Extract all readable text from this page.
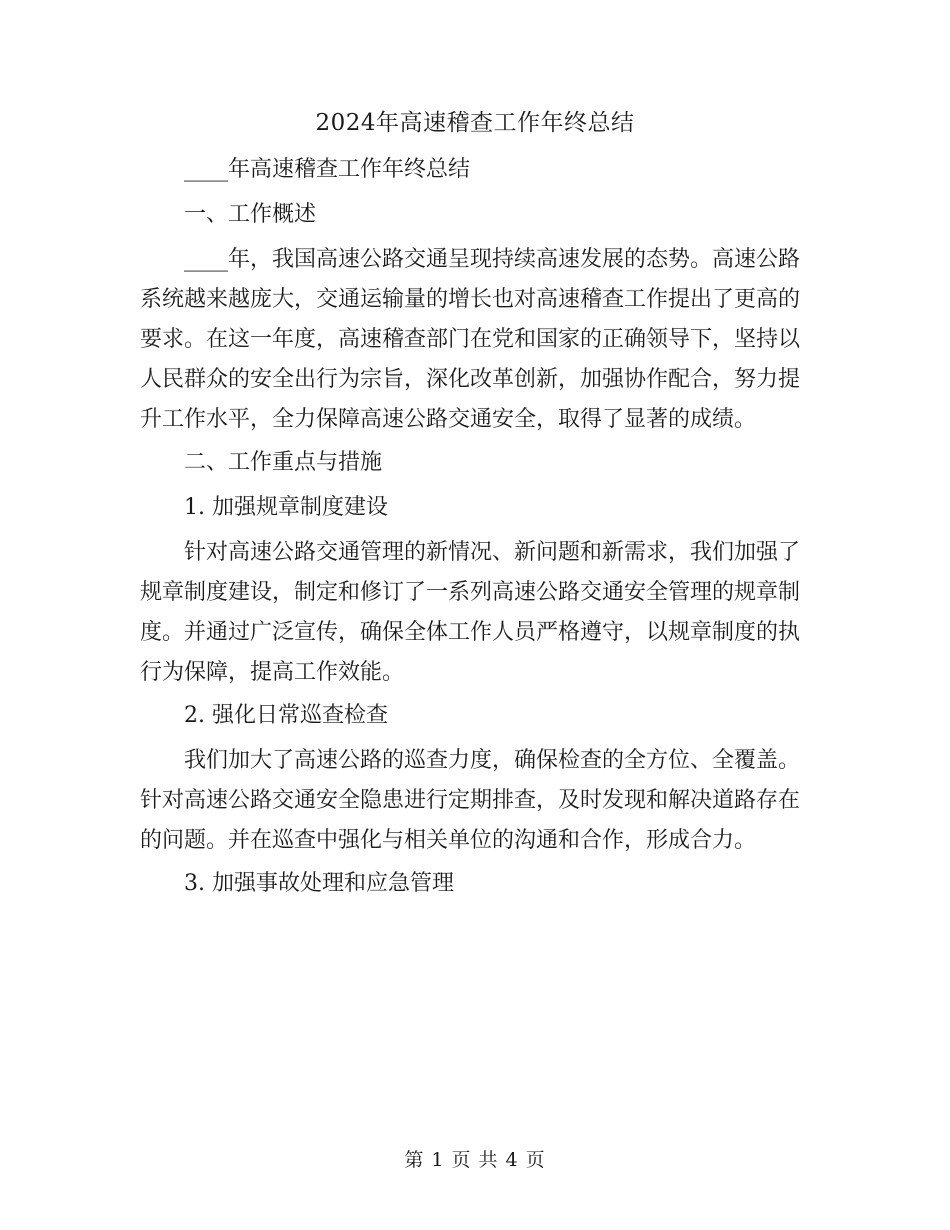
2024年高速稽查工作年终总结

____年高速稽查工作年终总结

一、工作概述

____年，我国高速公路交通呈现持续高速发展的态势。高速公路系统越来越庞大，交通运输量的增长也对高速稽查工作提出了更高的要求。在这一年度，高速稽查部门在党和国家的正确领导下，坚持以人民群众的安全出行为宗旨，深化改革创新，加强协作配合，努力提升工作水平，全力保障高速公路交通安全，取得了显著的成绩。

二、工作重点与措施

1. 加强规章制度建设

针对高速公路交通管理的新情况、新问题和新需求，我们加强了规章制度建设，制定和修订了一系列高速公路交通安全管理的规章制度。并通过广泛宣传，确保全体工作人员严格遵守，以规章制度的执行为保障，提高工作效能。

2. 强化日常巡查检查

我们加大了高速公路的巡查力度，确保检查的全方位、全覆盖。针对高速公路交通安全隐患进行定期排查，及时发现和解决道路存在的问题。并在巡查中强化与相关单位的沟通和合作，形成合力。

3. 加强事故处理和应急管理

第 1 页 共 4 页
